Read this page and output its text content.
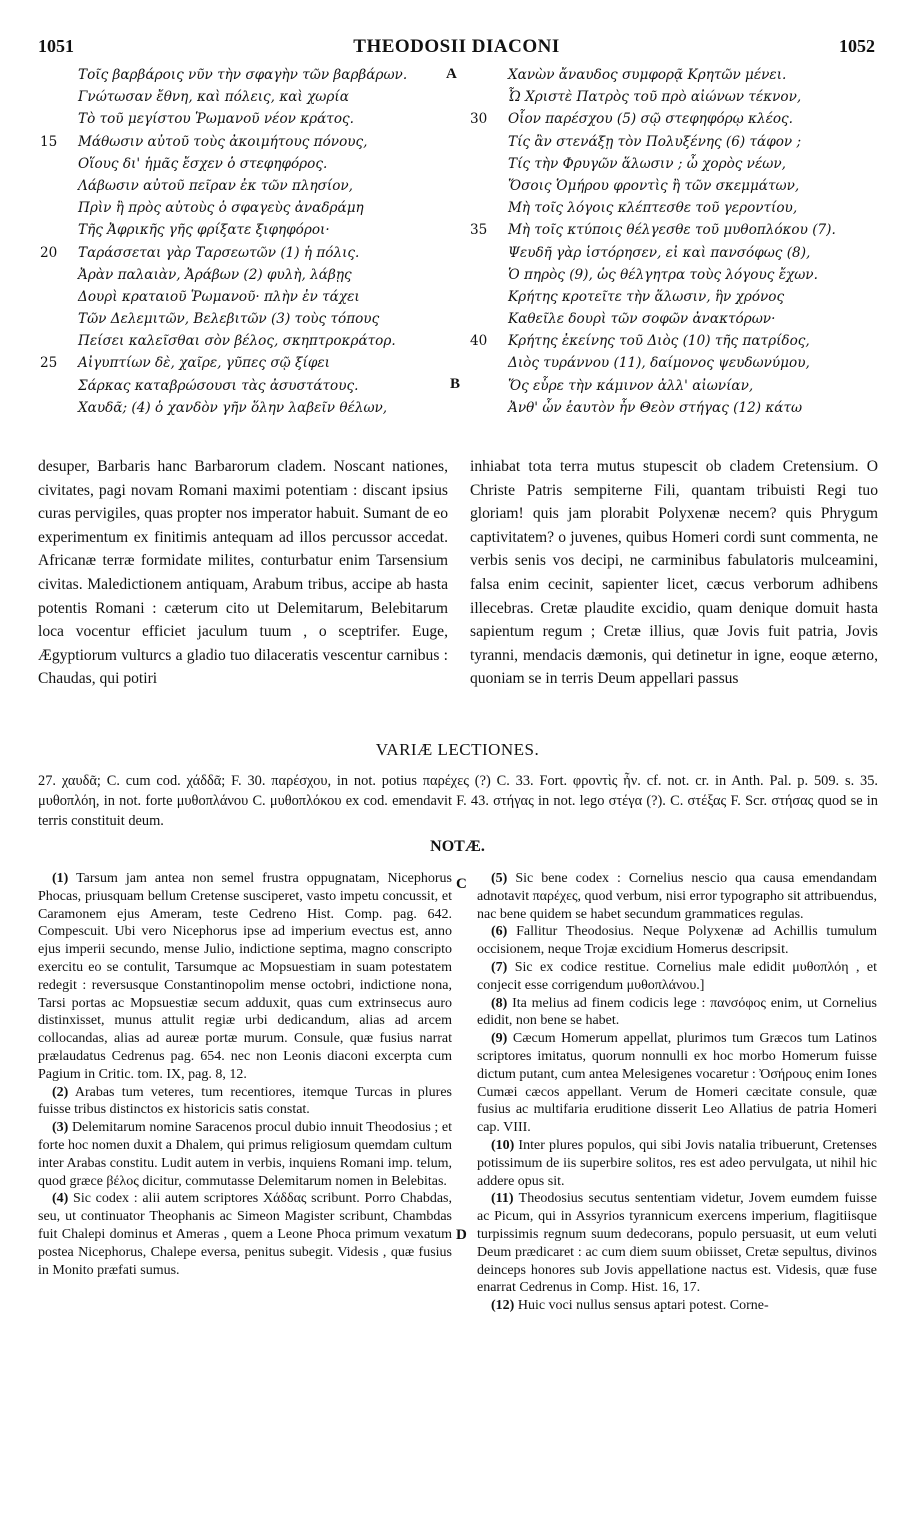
1051	THEODOSII DIACONI	1052
Τοῖς βαρβάροις νῦν τὴν σφαγὴν τῶν βαρβάρων.
Γνώτωσαν ἔθνη, καὶ πόλεις, καὶ χωρία
Τὸ τοῦ μεγίστου Ῥωμανοῦ νέον κράτος.
15	Μάθωσιν αὐτοῦ τοὺς ἀκοιμήτους πόνους,
Οἵους δι' ἡμᾶς ἔσχεν ὁ στεφηφόρος.
Λάβωσιν αὐτοῦ πεῖραν ἐκ τῶν πλησίον,
Πρὶν ἢ πρὸς αὐτοὺς ὁ σφαγεὺς ἀναδράμη
Τῆς Ἀφρικῆς γῆς φρίξατε ξιφηφόροι·
20	Ταράσσεται γὰρ Ταρσεωτῶν (1) ἡ πόλις.
Ἀρὰν παλαιὰν, Ἀράβων (2) φυλὴ, λάβῃς
Δουρὶ κραταιοῦ Ῥωμανοῦ· πλὴν ἐν τάχει
Τῶν Δελεμιτῶν, Βελεβιτῶν (3) τοὺς τόπους
Πείσει καλεῖσθαι σὸν βέλος, σκηπτροκράτορ.
25	Αἰγυπτίων δὲ, χαῖρε, γῦπες σῷ ξίφει
Σάρκας καταβρώσουσι τὰς ἀσυστάτους.
Χαυδᾶ; (4) ὁ χανδὸν γῆν ὅλην λαβεῖν θέλων,
Χανὼν ἄναυδος συμφορᾷ Κρητῶν μένει.
Ὦ Χριστὲ Πατρὸς τοῦ πρὸ αἰώνων τέκνον,
30	Οἷον παρέσχου (5) σῷ στεφηφόρῳ κλέος.
Τίς ἂν στενάξῃ τὸν Πολυξένης (6) τάφον ;
Τίς τὴν Φρυγῶν ἅλωσιν ; ὦ χορὸς νέων,
Ὅσοις Ὁμήρου φροντὶς ἢ τῶν σκεμμάτων,
Μὴ τοῖς λόγοις κλέπτεσθε τοῦ γεροντίου,
35	Μὴ τοῖς κτύποις θέλγεσθε τοῦ μυθοπλόκου (7).
Ψευδῆ γὰρ ἱστόρησεν, εἰ καὶ πανσόφως (8),
Ὁ πηρὸς (9), ὡς θέλγητρα τοὺς λόγους ἔχων.
Κρήτης κροτεῖτε τὴν ἅλωσιν, ἣν χρόνος
Καθεῖλε δουρὶ τῶν σοφῶν ἀνακτόρων·
40	Κρήτης ἐκείνης τοῦ Διὸς (10) τῆς πατρίδος,
Διὸς τυράννου (11), δαίμονος ψευδωνύμου,
Ὅς εὗρε τὴν κάμινον ἀλλ' αἰωνίαν,
Ἀνθ' ὧν ἑαυτὸν ἦν Θεὸν στήγας (12) κάτω
A
B
desuper, Barbaris hanc Barbarorum cladem. Noscant nationes, civitates, pagi novam Romani maximi potentiam : discant ipsius curas pervigiles, quas propter nos imperator habuit. Sumant de eo experimentum ex finitimis antequam ad illos percussor accedat. Africanæ terræ formidate milites, conturbatur enim Tarsensium civitas. Maledictionem antiquam, Arabum tribus, accipe ab hasta potentis Romani : cæterum cito ut Delemitarum, Belebitarum loca vocentur efficiet jaculum tuum , o sceptrifer. Euge, Ægyptiorum vulturcs a gladio tuo dilaceratis vescentur carnibus : Chaudas, qui potiri
inhiabat tota terra mutus stupescit ob cladem Cretensium. O Christe Patris sempiterne Fili, quantam tribuisti Regi tuo gloriam! quis jam plorabit Polyxenæ necem? quis Phrygum captivitatem? o juvenes, quibus Homeri cordi sunt commenta, ne verbis senis vos decipi, ne carminibus fabulatoris mulceamini, falsa enim cecinit, sapienter licet, cæcus verborum adhibens illecebras. Cretæ plaudite excidio, quam denique domuit hasta sapientum regum ; Cretæ illius, quæ Jovis fuit patria, Jovis tyranni, mendacis dæmonis, qui detinetur in igne, eoque æterno, quoniam se in terris Deum appellari passus
VARIÆ LECTIONES.
27. χαυδᾶ; C. cum cod. χάδδᾶ; F. 30. παρέσχου, in not. potius παρέχες (?) C. 33. Fort. φροντὶς ἦν. cf. not. cr. in Anth. Pal. p. 509. s. 35. μυθοπλόη, in not. forte μυθοπλάνου C. μυθοπλόκου ex cod. emendavit F. 43. στήγας in not. lego στέγα (?). C. στέξας F. Scr. στήσας quod se in terris constituit deum.
NOTÆ.

(1) Tarsum jam antea non semel frustra oppugnatam, Nicephorus Phocas, priusquam bellum Cretense susciperet, vasto impetu concussit, et Caramonem ejus Ameram, teste Cedreno Hist. Comp. pag. 642. Compescuit. Ubi vero Nicephorus ipse ad imperium evectus est, anno ejus imperii secundo, mense Julio, indictione septima, magno conscripto exercitu eo se contulit, Tarsumque ac Mopsuestiam in suam potestatem redegit : reversusque Constantinopolim mense octobri, indictione nona, Tarsi portas ac Mopsuestiæ secum adduxit, quas cum extrinsecus auro distinxisset, munus attulit regiæ urbi dedicandum, alias ad arcem collocandas, alias ad aureæ portæ murum. Consule, quæ fusius narrat prælaudatus Cedrenus pag. 654. nec non Leonis diaconi excerpta cum Pagium in Critic. tom. IX, pag. 8, 12.

(2) Arabas tum veteres, tum recentiores, itemque Turcas in plures fuisse tribus distinctos ex historicis satis constat.

(3) Delemitarum nomine Saracenos procul dubio innuit Theodosius ; et forte hoc nomen duxit a Dhalem, qui primus religiosum quemdam cultum inter Arabas constitu. Ludit autem in verbis, inquiens Romani imp. telum, quod græce βέλος dicitur, commutasse Delemitarum nomen in Belebitas.

(4) Sic codex : alii autem scriptores Χάδδας scribunt. Porro Chabdas, seu, ut continuator Theophanis ac Simeon Magister scribunt, Chambdas fuit Chalepi dominus et Ameras , quem a Leone Phoca primum vexatum postea Nicephorus, Chalepe eversa, penitus subegit. Videsis , quæ fusius in Monito præfati sumus.

(5) Sic bene codex : Cornelius nescio qua causa emendandam adnotavit παρέχες, quod verbum, nisi error typographo sit attribuendus, nac bene quidem se habet secundum grammatices regulas.

(6) Fallitur Theodosius. Neque Polyxenæ ad Achillis tumulum occisionem, neque Trojæ excidium Homerus descripsit.

(7) Sic ex codice restitue. Cornelius male edidit μυθοπλόη , et conjecit esse corrigendum μυθοπλάνου.]

(8) Ita melius ad finem codicis lege : πανσόφος enim, ut Cornelius edidit, non bene se habet.

(9) Cæcum Homerum appellat, plurimos tum Græcos tum Latinos scriptores imitatus, quorum nonnulli ex hoc morbo Homerum fuisse dictum putant, cum antea Melesigenes vocaretur : Ὀσήρους enim Iones Cumæi cæcos appellant. Verum de Homeri cæcitate consule, quæ fusius ac multifaria eruditione disserit Leo Allatius de patria Homeri cap. VIII.

(10) Inter plures populos, qui sibi Jovis natalia tribuerunt, Cretenses potissimum de iis superbire solitos, res est adeo pervulgata, ut nihil hic addere opus sit.

(11) Theodosius secutus sententiam videtur, Jovem eumdem fuisse ac Picum, qui in Assyrios tyrannicum exercens imperium, flagitiisque turpissimis regnum suum dedecorans, populo persuasit, ut eum veluti Deum prædicaret : ac cum diem suum obiisset, Cretæ sepultus, divinos deinceps honores sub Jovis appellatione nactus est. Videsis, quæ fuse enarrat Cedrenus in Comp. Hist. 16, 17.

(12) Huic voci nullus sensus aptari potest. Corne-

C
D
